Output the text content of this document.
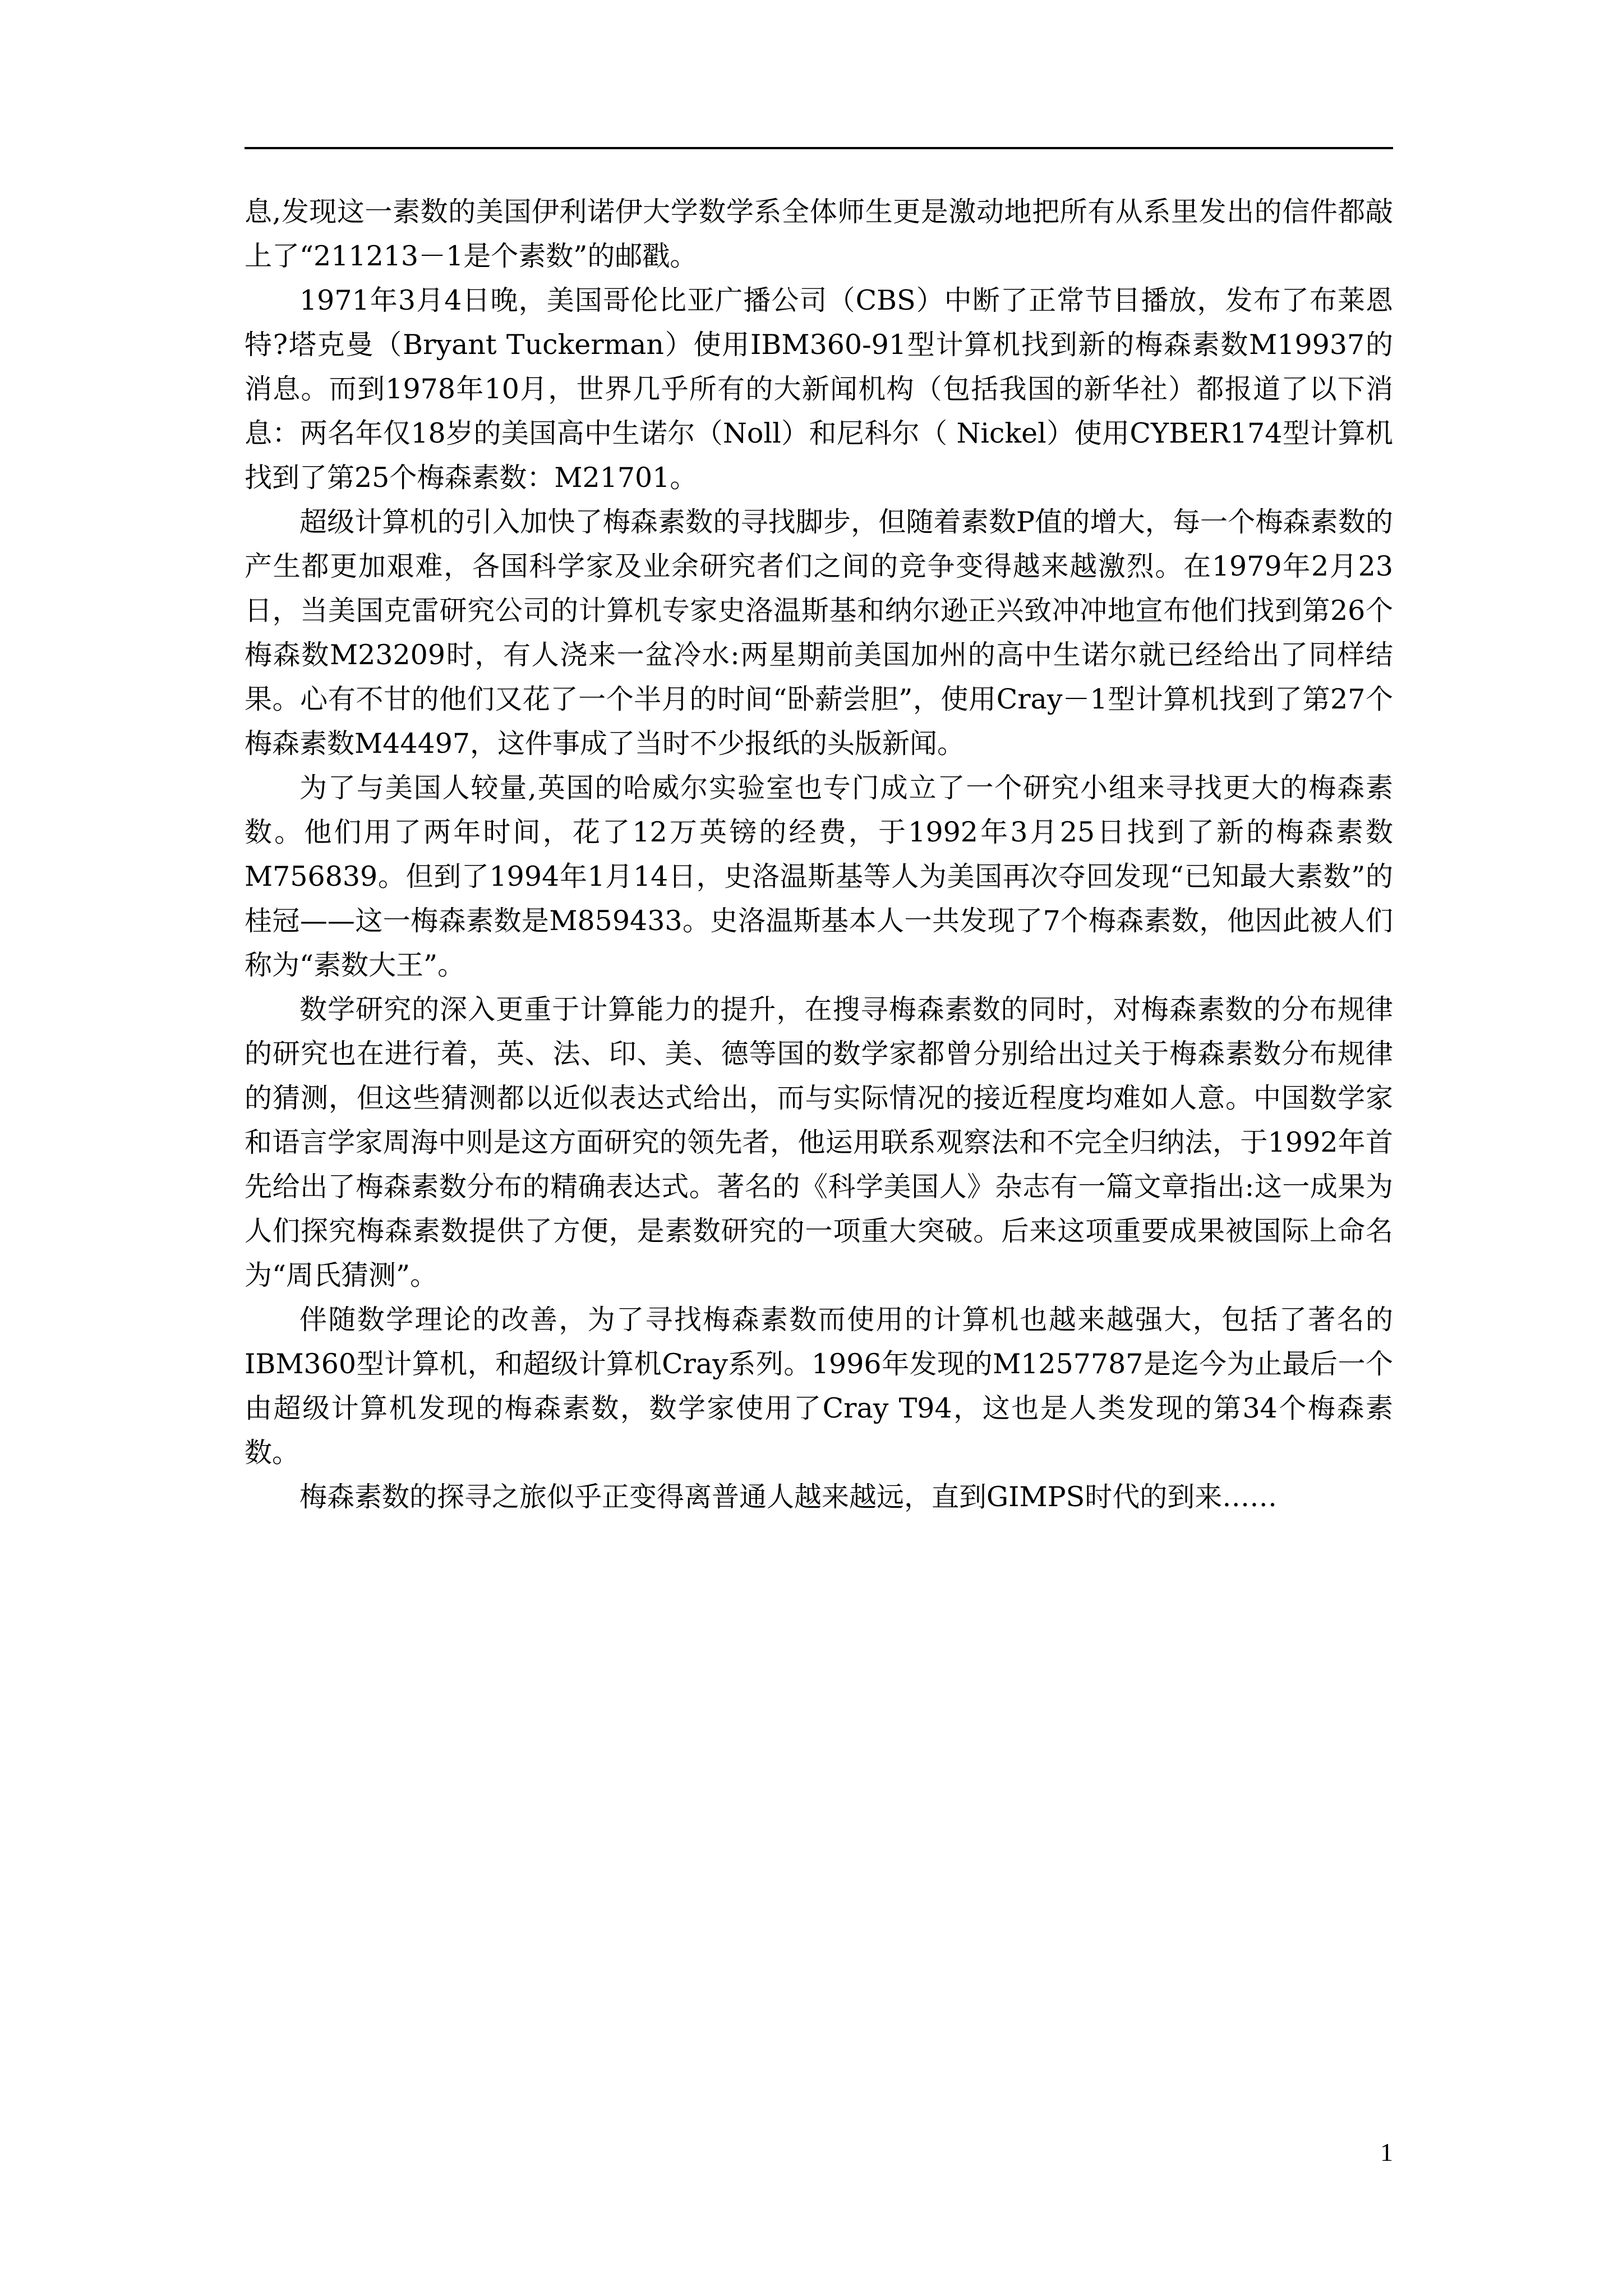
息,发现这一素数的美国伊利诺伊大学数学系全体师生更是激动地把所有从系里发出的信件都敲上了“211213－1是个素数”的邮戳。

1971年3月4日晚，美国哥伦比亚广播公司（CBS）中断了正常节目播放，发布了布莱恩特?塔克曼（Bryant Tuckerman）使用IBM360-91型计算机找到新的梅森素数M19937的消息。而到1978年10月，世界几乎所有的大新闻机构（包括我国的新华社）都报道了以下消息：两名年仅18岁的美国高中生诺尔（Noll）和尼科尔（ Nickel）使用CYBER174型计算机找到了第25个梅森素数：M21701。

超级计算机的引入加快了梅森素数的寻找脚步，但随着素数P值的增大，每一个梅森素数的产生都更加艰难，各国科学家及业余研究者们之间的竞争变得越来越激烈。在1979年2月23日，当美国克雷研究公司的计算机专家史洛温斯基和纳尔逊正兴致冲冲地宣布他们找到第26个梅森数M23209时，有人浇来一盆冷水:两星期前美国加州的高中生诺尔就已经给出了同样结果。心有不甘的他们又花了一个半月的时间“卧薪尝胆”，使用Cray－1型计算机找到了第27个梅森素数M44497，这件事成了当时不少报纸的头版新闻。

为了与美国人较量,英国的哈威尔实验室也专门成立了一个研究小组来寻找更大的梅森素数。他们用了两年时间，花了12万英镑的经费，于1992年3月25日找到了新的梅森素数M756839。但到了1994年1月14日，史洛温斯基等人为美国再次夺回发现“已知最大素数”的桂冠——这一梅森素数是M859433。史洛温斯基本人一共发现了7个梅森素数，他因此被人们称为“素数大王”。

数学研究的深入更重于计算能力的提升，在搜寻梅森素数的同时，对梅森素数的分布规律的研究也在进行着，英、法、印、美、德等国的数学家都曾分别给出过关于梅森素数分布规律的猜测，但这些猜测都以近似表达式给出，而与实际情况的接近程度均难如人意。中国数学家和语言学家周海中则是这方面研究的领先者，他运用联系观察法和不完全归纳法，于1992年首先给出了梅森素数分布的精确表达式。著名的《科学美国人》杂志有一篇文章指出:这一成果为人们探究梅森素数提供了方便，是素数研究的一项重大突破。后来这项重要成果被国际上命名为“周氏猜测”。

伴随数学理论的改善，为了寻找梅森素数而使用的计算机也越来越强大，包括了著名的IBM360型计算机，和超级计算机Cray系列。1996年发现的M1257787是迄今为止最后一个由超级计算机发现的梅森素数，数学家使用了Cray T94，这也是人类发现的第34个梅森素数。

梅森素数的探寻之旅似乎正变得离普通人越来越远，直到GIMPS时代的到来……

1
